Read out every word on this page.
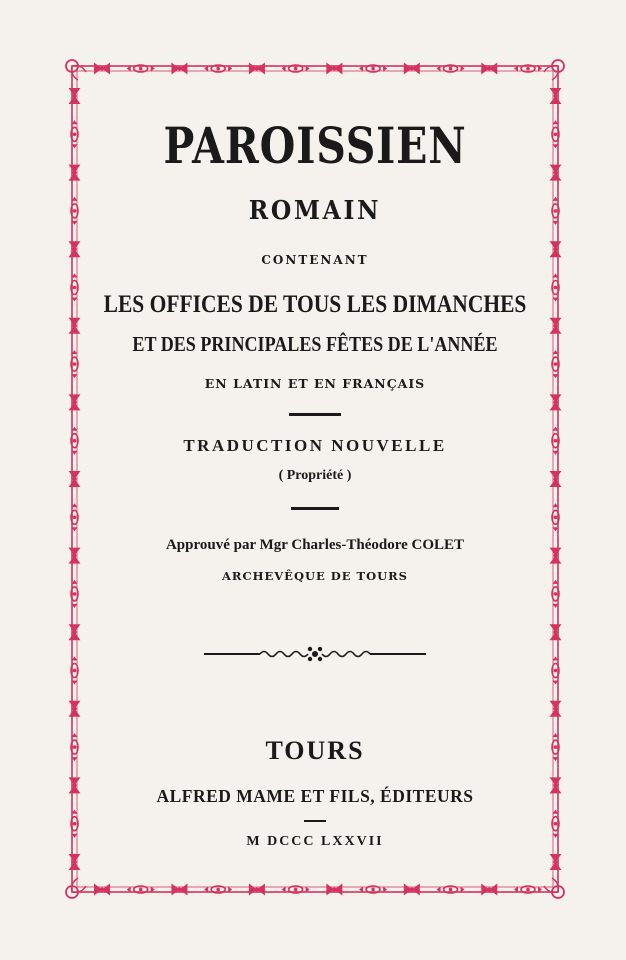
PAROISSIEN
ROMAIN
CONTENANT
LES OFFICES DE TOUS LES DIMANCHES
ET DES PRINCIPALES FÊTES DE L'ANNÉE
EN LATIN ET EN FRANÇAIS
TRADUCTION NOUVELLE
( Propriété )
Approuvé par Mgr Charles-Théodore COLET
ARCHEVÊQUE DE TOURS
TOURS
ALFRED MAME ET FILS, ÉDITEURS
M DCCC LXXVII
